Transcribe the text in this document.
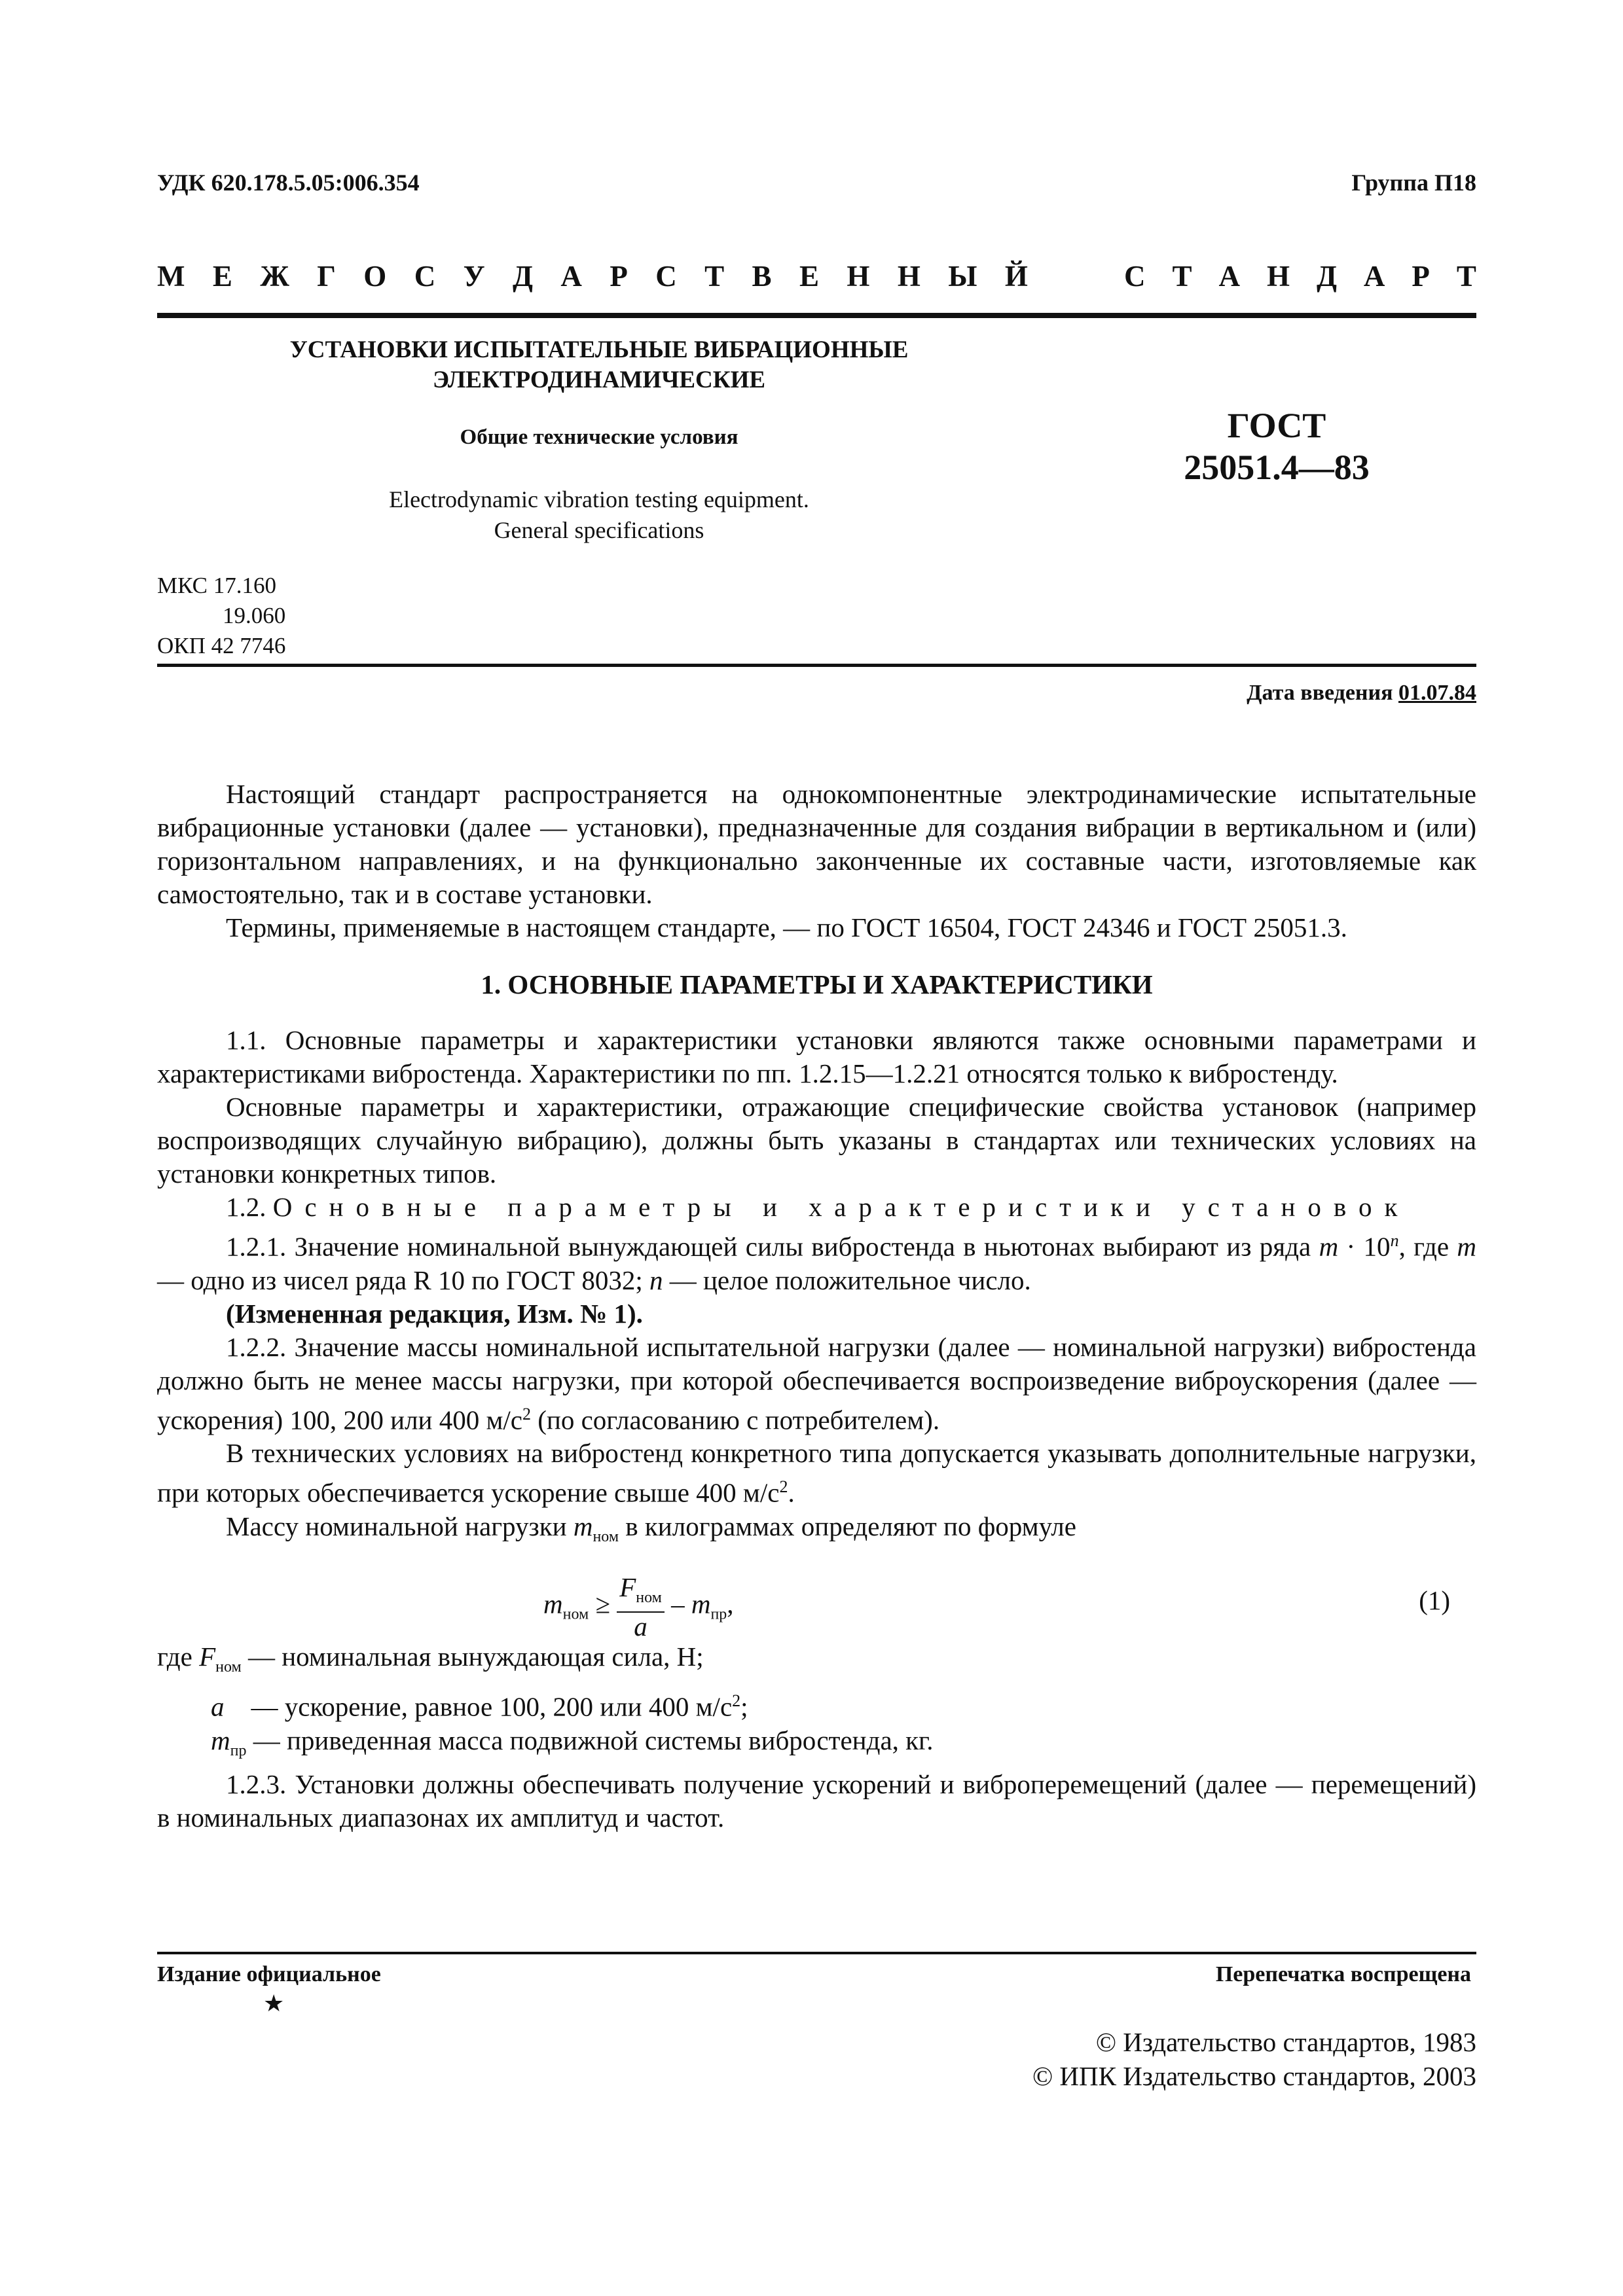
УДК 620.178.5.05:006.354	Группа П18
М Е Ж Г О С У Д А Р С Т В Е Н Н Ы Й	С Т А Н Д А Р Т
УСТАНОВКИ ИСПЫТАТЕЛЬНЫЕ ВИБРАЦИОННЫЕ
ЭЛЕКТРОДИНАМИЧЕСКИЕ
Общие технические условия
Electrodynamic vibration testing equipment.
General specifications
ГОСТ
25051.4—83
МКС 17.160
19.060
ОКП 42 7746
Дата введения 01.07.84

Настоящий стандарт распространяется на однокомпонентные электродинамические испытательные вибрационные установки (далее — установки), предназначенные для создания вибрации в вертикальном и (или) горизонтальном направлениях, и на функционально законченные их составные части, изготовляемые как самостоятельно, так и в составе установки.

Термины, применяемые в настоящем стандарте, — по ГОСТ 16504, ГОСТ 24346 и ГОСТ 25051.3.

1. ОСНОВНЫЕ ПАРАМЕТРЫ И ХАРАКТЕРИСТИКИ

1.1. Основные параметры и характеристики установки являются также основными параметрами и характеристиками вибростенда. Характеристики по пп. 1.2.15—1.2.21 относятся только к вибростенду.

Основные параметры и характеристики, отражающие специфические свойства установок (например воспроизводящих случайную вибрацию), должны быть указаны в стандартах или технических условиях на установки конкретных типов.

1.2. Основные параметры и характеристики установок

1.2.1. Значение номинальной вынуждающей силы вибростенда в ньютонах выбирают из ряда $m \cdot 10^n$, где m — одно из чисел ряда R 10 по ГОСТ 8032; n — целое положительное число.

(Измененная редакция, Изм. № 1).

1.2.2. Значение массы номинальной испытательной нагрузки (далее — номинальной нагрузки) вибростенда должно быть не менее массы нагрузки, при которой обеспечивается воспроизведение виброускорения (далее — ускорения) 100, 200 или 400 $м/с^2$ (по согласованию с потребителем).

В технических условиях на вибростенд конкретного типа допускается указывать дополнительные нагрузки, при которых обеспечивается ускорение свыше 400 $м/с^2$.

Массу номинальной нагрузки $m_{ном}$ в килограммах определяют по формуле

$m_{ном} \ge \frac{F_{ном}}{a} - m_{пр}$,	(1)

где $F_{ном}$ — номинальная вынуждающая сила, Н;

a    — ускорение, равное 100, 200 или 400 $м/с^2$;

$m_{пр}$ — приведенная масса подвижной системы вибростенда, кг.

1.2.3. Установки должны обеспечивать получение ускорений и виброперемещений (далее — перемещений) в номинальных диапазонах их амплитуд и частот.

Издание официальное
★
Перепечатка воспрещена
© Издательство стандартов, 1983
© ИПК Издательство стандартов, 2003
